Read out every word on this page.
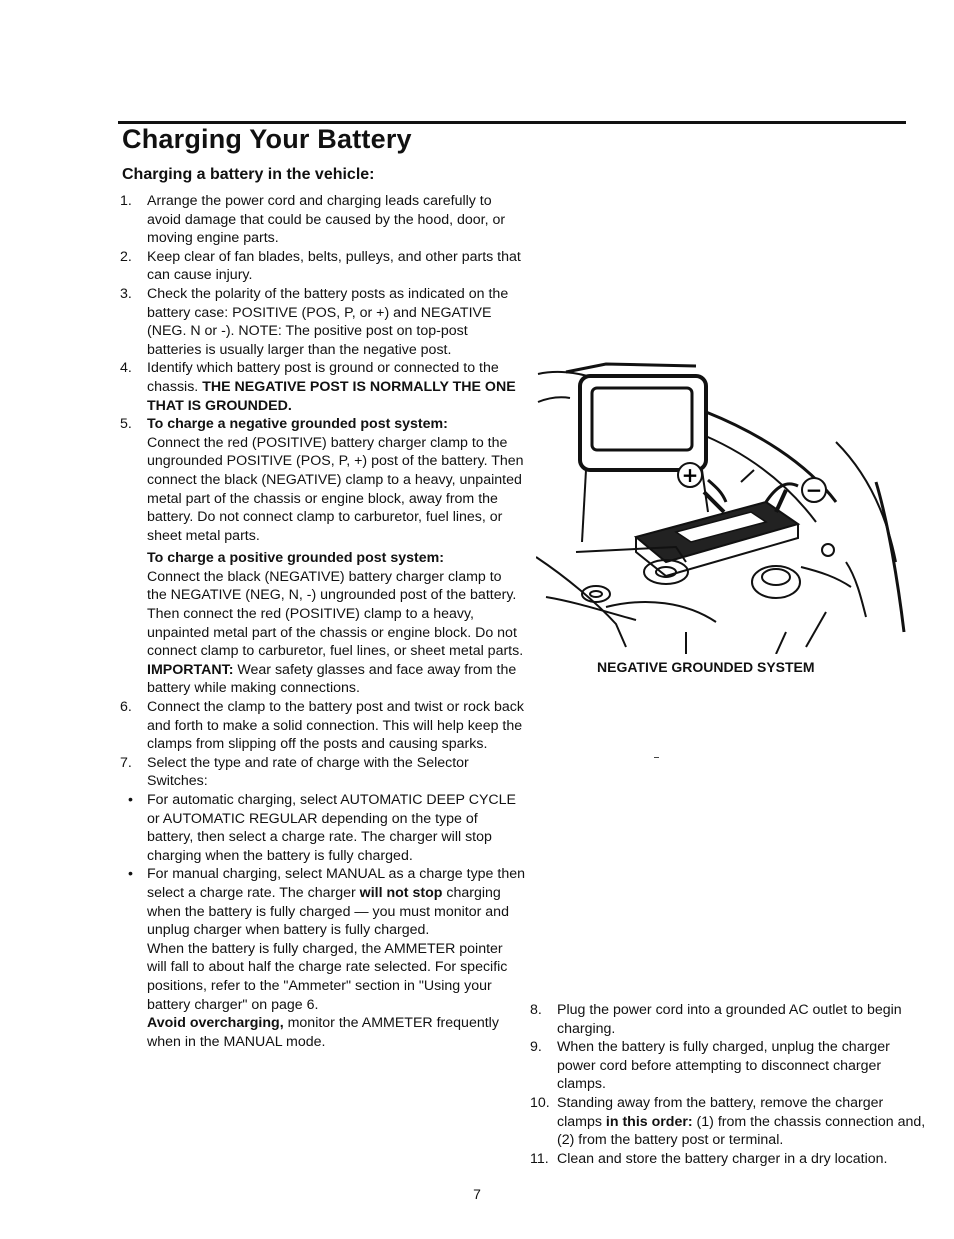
Charging Your Battery
Charging a battery in the vehicle:
1.	Arrange the power cord and charging leads carefully to avoid damage that could be caused by the hood, door, or moving engine parts.
2.	Keep clear of fan blades, belts, pulleys, and other parts that can cause injury.
3.	Check the polarity of the battery posts as indicated on the battery case: POSITIVE (POS, P, or +) and NEGATIVE (NEG. N or -). NOTE: The positive post on top-post batteries is usually larger than the negative post.
4.	Identify which battery post is ground or connected to the chassis. THE NEGATIVE POST IS NORMALLY THE ONE THAT IS GROUNDED.
5.	To charge a negative grounded post system:
Connect the red (POSITIVE) battery charger clamp to the ungrounded POSITIVE (POS, P, +) post of the battery. Then connect the black (NEGATIVE) clamp to a heavy, unpainted metal part of the chassis or engine block, away from the battery. Do not connect clamp to carburetor, fuel lines, or sheet metal parts.
To charge a positive grounded post system:
Connect the black (NEGATIVE) battery charger clamp to the NEGATIVE (NEG, N, -) ungrounded post of the battery. Then connect the red (POSITIVE) clamp to a heavy, unpainted metal part of the chassis or engine block. Do not connect clamp to carburetor, fuel lines, or sheet metal parts.
IMPORTANT: Wear safety glasses and face away from the battery while making connections.
6.	Connect the clamp to the battery post and twist or rock back and forth to make a solid connection. This will help keep the clamps from slipping off the posts and causing sparks.
7.	Select the type and rate of charge with the Selector Switches:
• For automatic charging, select AUTOMATIC DEEP CYCLE or AUTOMATIC REGULAR depending on the type of battery, then select a charge rate. The charger will stop charging when the battery is fully charged.
• For manual charging, select MANUAL as a charge type then select a charge rate. The charger will not stop charging when the battery is fully charged — you must monitor and unplug charger when battery is fully charged.
When the battery is fully charged, the AMMETER pointer will fall to about half the charge rate selected. For specific positions, refer to the "Ammeter" section in "Using your battery charger" on page 6.
Avoid overcharging, monitor the AMMETER frequently when in the MANUAL mode.
+
−

NEGATIVE GROUNDED SYSTEM

8.	Plug the power cord into a grounded AC outlet to begin charging.
9.	When the battery is fully charged, unplug the charger power cord before attempting to disconnect charger clamps.
10. Standing away from the battery, remove the charger clamps in this order: (1) from the chassis connection and, (2) from the battery post or terminal.
11. Clean and store the battery charger in a dry location.
7
